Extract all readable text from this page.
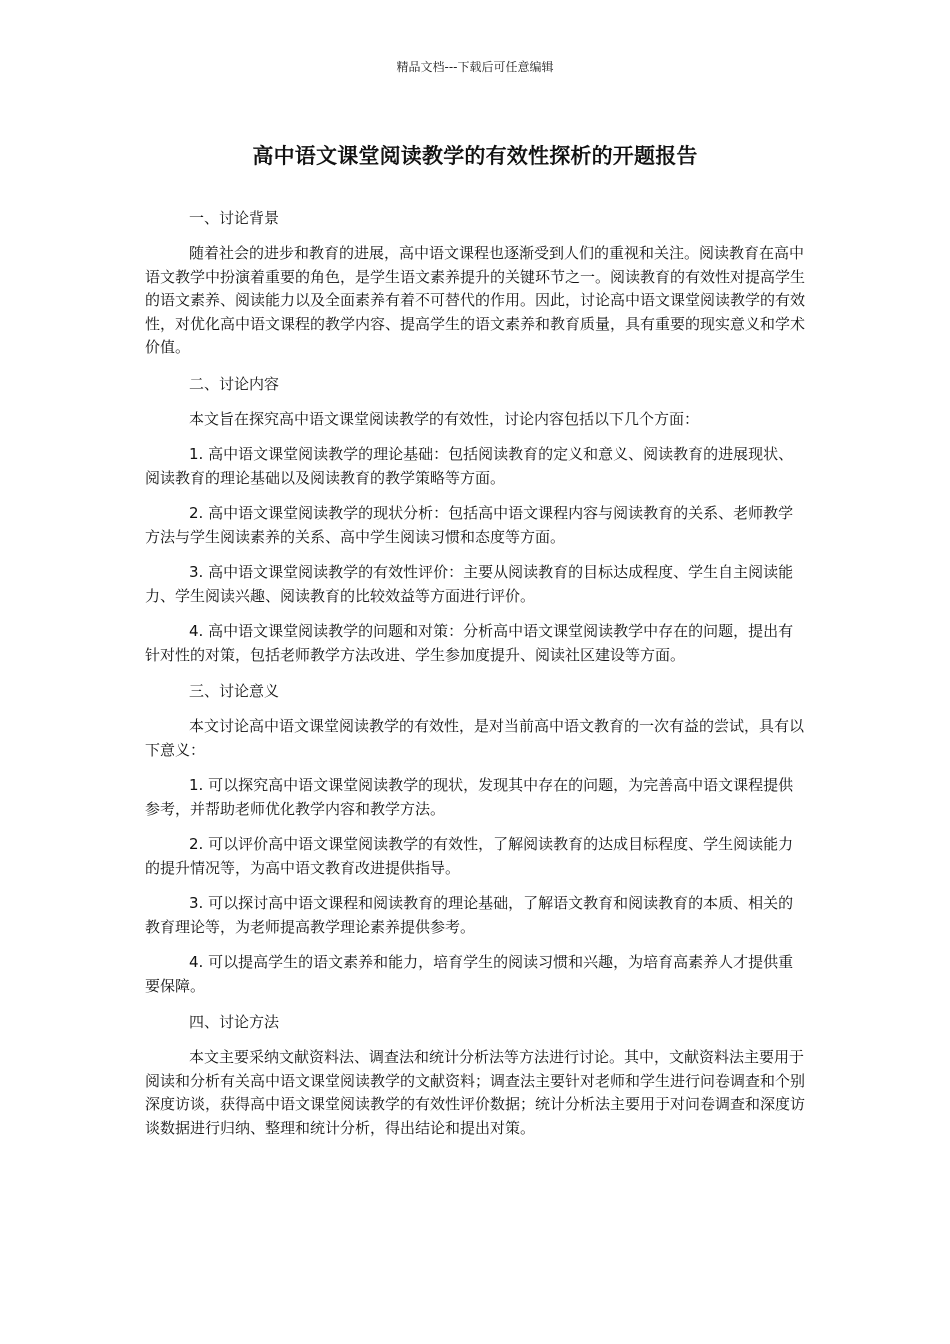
精品文档---下载后可任意编辑
高中语文课堂阅读教学的有效性探析的开题报告

一、讨论背景

随着社会的进步和教育的进展，高中语文课程也逐渐受到人们的重视和关注。阅读教育在高中语文教学中扮演着重要的角色，是学生语文素养提升的关键环节之一。阅读教育的有效性对提高学生的语文素养、阅读能力以及全面素养有着不可替代的作用。因此，讨论高中语文课堂阅读教学的有效性，对优化高中语文课程的教学内容、提高学生的语文素养和教育质量，具有重要的现实意义和学术价值。

二、讨论内容

本文旨在探究高中语文课堂阅读教学的有效性，讨论内容包括以下几个方面：

1. 高中语文课堂阅读教学的理论基础：包括阅读教育的定义和意义、阅读教育的进展现状、阅读教育的理论基础以及阅读教育的教学策略等方面。

2. 高中语文课堂阅读教学的现状分析：包括高中语文课程内容与阅读教育的关系、老师教学方法与学生阅读素养的关系、高中学生阅读习惯和态度等方面。

3. 高中语文课堂阅读教学的有效性评价：主要从阅读教育的目标达成程度、学生自主阅读能力、学生阅读兴趣、阅读教育的比较效益等方面进行评价。

4. 高中语文课堂阅读教学的问题和对策：分析高中语文课堂阅读教学中存在的问题，提出有针对性的对策，包括老师教学方法改进、学生参加度提升、阅读社区建设等方面。

三、讨论意义

本文讨论高中语文课堂阅读教学的有效性，是对当前高中语文教育的一次有益的尝试，具有以下意义：

1. 可以探究高中语文课堂阅读教学的现状，发现其中存在的问题，为完善高中语文课程提供参考，并帮助老师优化教学内容和教学方法。

2. 可以评价高中语文课堂阅读教学的有效性，了解阅读教育的达成目标程度、学生阅读能力的提升情况等，为高中语文教育改进提供指导。

3. 可以探讨高中语文课程和阅读教育的理论基础，了解语文教育和阅读教育的本质、相关的教育理论等，为老师提高教学理论素养提供参考。

4. 可以提高学生的语文素养和能力，培育学生的阅读习惯和兴趣，为培育高素养人才提供重要保障。

四、讨论方法

本文主要采纳文献资料法、调查法和统计分析法等方法进行讨论。其中，文献资料法主要用于阅读和分析有关高中语文课堂阅读教学的文献资料；调查法主要针对老师和学生进行问卷调查和个别深度访谈，获得高中语文课堂阅读教学的有效性评价数据；统计分析法主要用于对问卷调查和深度访谈数据进行归纳、整理和统计分析，得出结论和提出对策。
